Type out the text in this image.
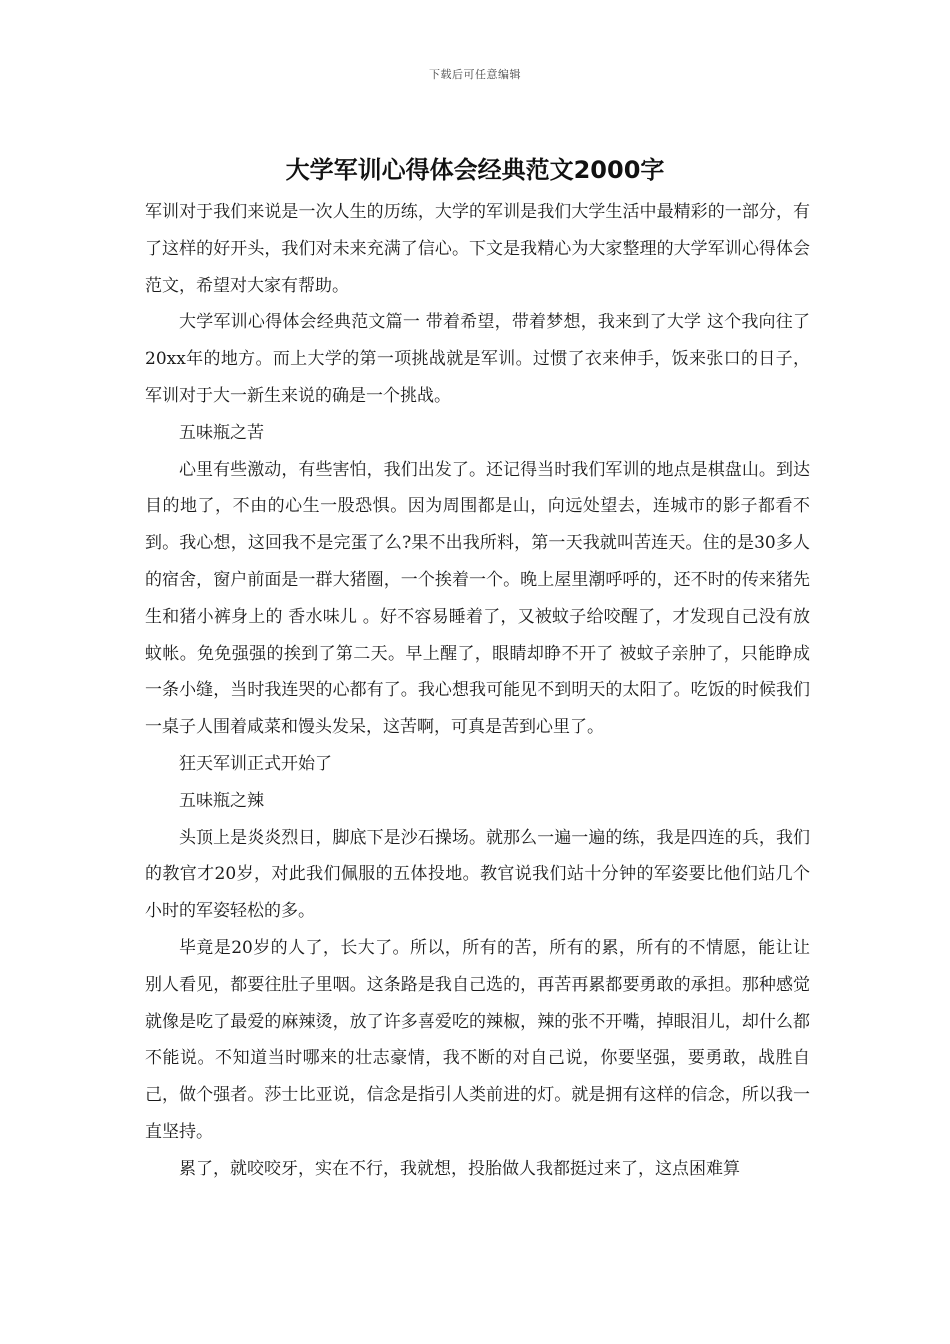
下载后可任意编辑
大学军训心得体会经典范文2000字

军训对于我们来说是一次人生的历练，大学的军训是我们大学生活中最精彩的一部分，有了这样的好开头，我们对未来充满了信心。下文是我精心为大家整理的大学军训心得体会范文，希望对大家有帮助。

大学军训心得体会经典范文篇一 带着希望，带着梦想，我来到了大学 这个我向往了20xx年的地方。而上大学的第一项挑战就是军训。过惯了衣来伸手，饭来张口的日子，军训对于大一新生来说的确是一个挑战。

五味瓶之苦

心里有些激动，有些害怕，我们出发了。还记得当时我们军训的地点是棋盘山。到达目的地了，不由的心生一股恐惧。因为周围都是山，向远处望去，连城市的影子都看不到。我心想，这回我不是完蛋了么?果不出我所料，第一天我就叫苦连天。住的是30多人的宿舍，窗户前面是一群大猪圈，一个挨着一个。晚上屋里潮呼呼的，还不时的传来猪先生和猪小裤身上的 香水味儿 。好不容易睡着了，又被蚊子给咬醒了，才发现自己没有放蚊帐。免免强强的挨到了第二天。早上醒了，眼睛却睁不开了 被蚊子亲肿了，只能睁成一条小缝，当时我连哭的心都有了。我心想我可能见不到明天的太阳了。吃饭的时候我们一桌子人围着咸菜和馒头发呆，这苦啊，可真是苦到心里了。

狂天军训正式开始了

五味瓶之辣

头顶上是炎炎烈日，脚底下是沙石操场。就那么一遍一遍的练，我是四连的兵，我们的教官才20岁，对此我们佩服的五体投地。教官说我们站十分钟的军姿要比他们站几个小时的军姿轻松的多。

毕竟是20岁的人了，长大了。所以，所有的苦，所有的累，所有的不情愿，能让让别人看见，都要往肚子里咽。这条路是我自己选的，再苦再累都要勇敢的承担。那种感觉就像是吃了最爱的麻辣烫，放了许多喜爱吃的辣椒，辣的张不开嘴，掉眼泪儿，却什么都不能说。不知道当时哪来的壮志豪情，我不断的对自己说，你要坚强，要勇敢，战胜自己，做个强者。莎士比亚说，信念是指引人类前进的灯。就是拥有这样的信念，所以我一直坚持。

累了，就咬咬牙，实在不行，我就想，投胎做人我都挺过来了，这点困难算
